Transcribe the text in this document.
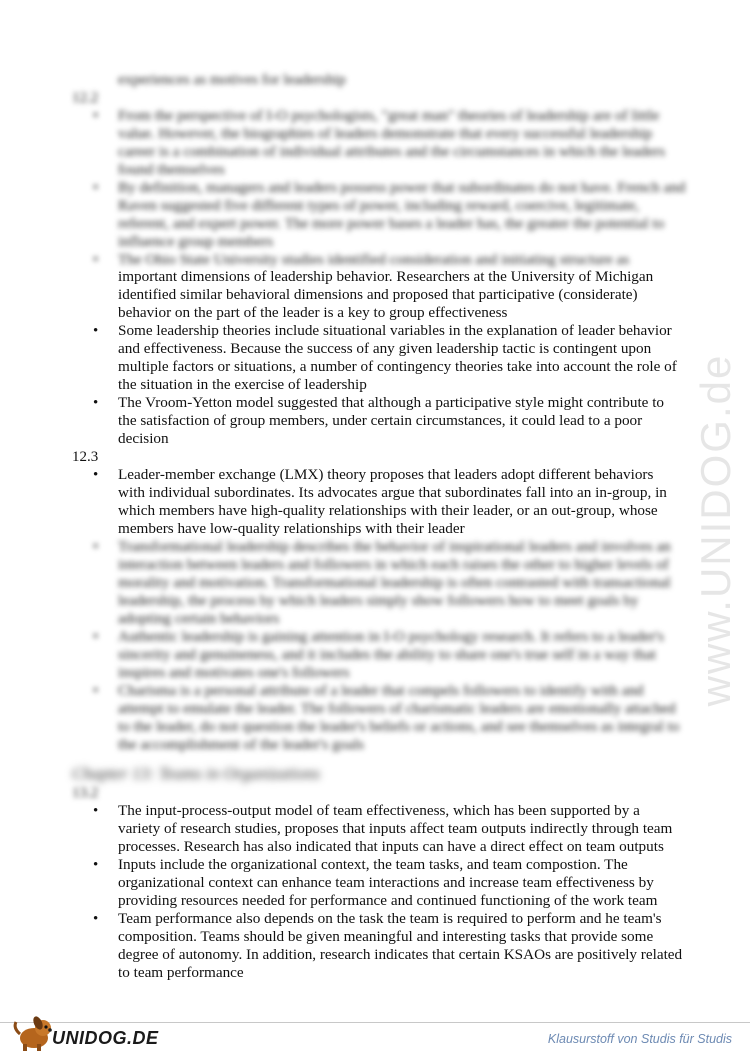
www.UNIDOG.de
experiences as motives for leadership
12.2
• From the perspective of I-O psychologists, "great man" theories of leadership are of little
value. However, the biographies of leaders demonstrate that every successful leadership
career is a combination of individual attributes and the circumstances in which the leaders
found themselves
• By definition, managers and leaders possess power that subordinates do not have. French and
Raven suggested five different types of power, including reward, coercive, legitimate,
referent, and expert power. The more power bases a leader has, the greater the potential to
influence group members
• The Ohio State University studies identified consideration and initiating structure as
important dimensions of leadership behavior. Researchers at the University of Michigan
identified similar behavioral dimensions and proposed that participative (considerate)
behavior on the part of the leader is a key to group effectiveness
• Some leadership theories include situational variables in the explanation of leader behavior
and effectiveness. Because the success of any given leadership tactic is contingent upon
multiple factors or situations, a number of contingency theories take into account the role of
the situation in the exercise of leadership
• The Vroom-Yetton model suggested that although a participative style might contribute to
the satisfaction of group members, under certain circumstances, it could lead to a poor
decision
12.3
• Leader-member exchange (LMX) theory proposes that leaders adopt different behaviors
with individual subordinates. Its advocates argue that subordinates fall into an in-group, in
which members have high-quality relationships with their leader, or an out-group, whose
members have low-quality relationships with their leader
• Transformational leadership describes the behavior of inspirational leaders and involves an
interaction between leaders and followers in which each raises the other to higher levels of
morality and motivation. Transformational leadership is often contrasted with transactional
leadership, the process by which leaders simply show followers how to meet goals by
adopting certain behaviors
• Authentic leadership is gaining attention in I-O psychology research. It refers to a leader's
sincerity and genuineness, and it includes the ability to share one's true self in a way that
inspires and motivates one's followers
• Charisma is a personal attribute of a leader that compels followers to identify with and
attempt to emulate the leader. The followers of charismatic leaders are emotionally attached
to the leader, do not question the leader's beliefs or actions, and see themselves as integral to
the accomplishment of the leader's goals
Chapter 13: Teams in Organizations
13.2
• The input-process-output model of team effectiveness, which has been supported by a
variety of research studies, proposes that inputs affect team outputs indirectly through team
processes. Research has also indicated that inputs can have a direct effect on team outputs
• Inputs include the organizational context, the team tasks, and team compostion. The
organizational context can enhance team interactions and increase team effectiveness by
providing resources needed for performance and continued functioning of the work team
• Team performance also depends on the task the team is required to perform and he team's
composition. Teams should be given meaningful and interesting tasks that provide some
degree of autonomy. In addition, research indicates that certain KSAOs are positively related
to team performance
UNIDOG.DE	Klausurstoff von Studis für Studis
